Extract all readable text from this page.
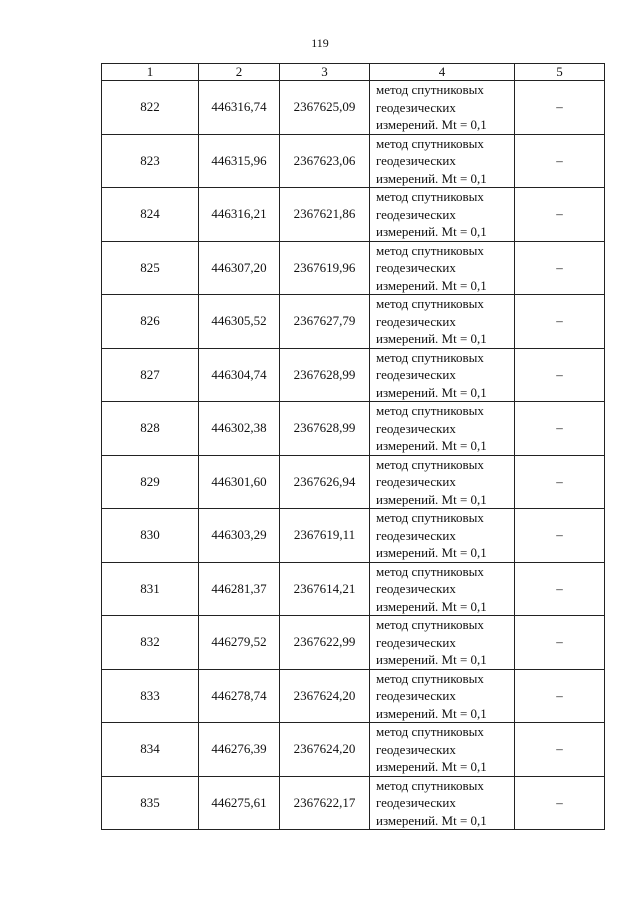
119
1	2	3	4	5
822	446316,74	2367625,09	метод спутниковых
геодезических
измерений. Mt = 0,1	–
823	446315,96	2367623,06	метод спутниковых
геодезических
измерений. Mt = 0,1	–
824	446316,21	2367621,86	метод спутниковых
геодезических
измерений. Mt = 0,1	–
825	446307,20	2367619,96	метод спутниковых
геодезических
измерений. Mt = 0,1	–
826	446305,52	2367627,79	метод спутниковых
геодезических
измерений. Mt = 0,1	–
827	446304,74	2367628,99	метод спутниковых
геодезических
измерений. Mt = 0,1	–
828	446302,38	2367628,99	метод спутниковых
геодезических
измерений. Mt = 0,1	–
829	446301,60	2367626,94	метод спутниковых
геодезических
измерений. Mt = 0,1	–
830	446303,29	2367619,11	метод спутниковых
геодезических
измерений. Mt = 0,1	–
831	446281,37	2367614,21	метод спутниковых
геодезических
измерений. Mt = 0,1	–
832	446279,52	2367622,99	метод спутниковых
геодезических
измерений. Mt = 0,1	–
833	446278,74	2367624,20	метод спутниковых
геодезических
измерений. Mt = 0,1	–
834	446276,39	2367624,20	метод спутниковых
геодезических
измерений. Mt = 0,1	–
835	446275,61	2367622,17	метод спутниковых
геодезических
измерений. Mt = 0,1	–
